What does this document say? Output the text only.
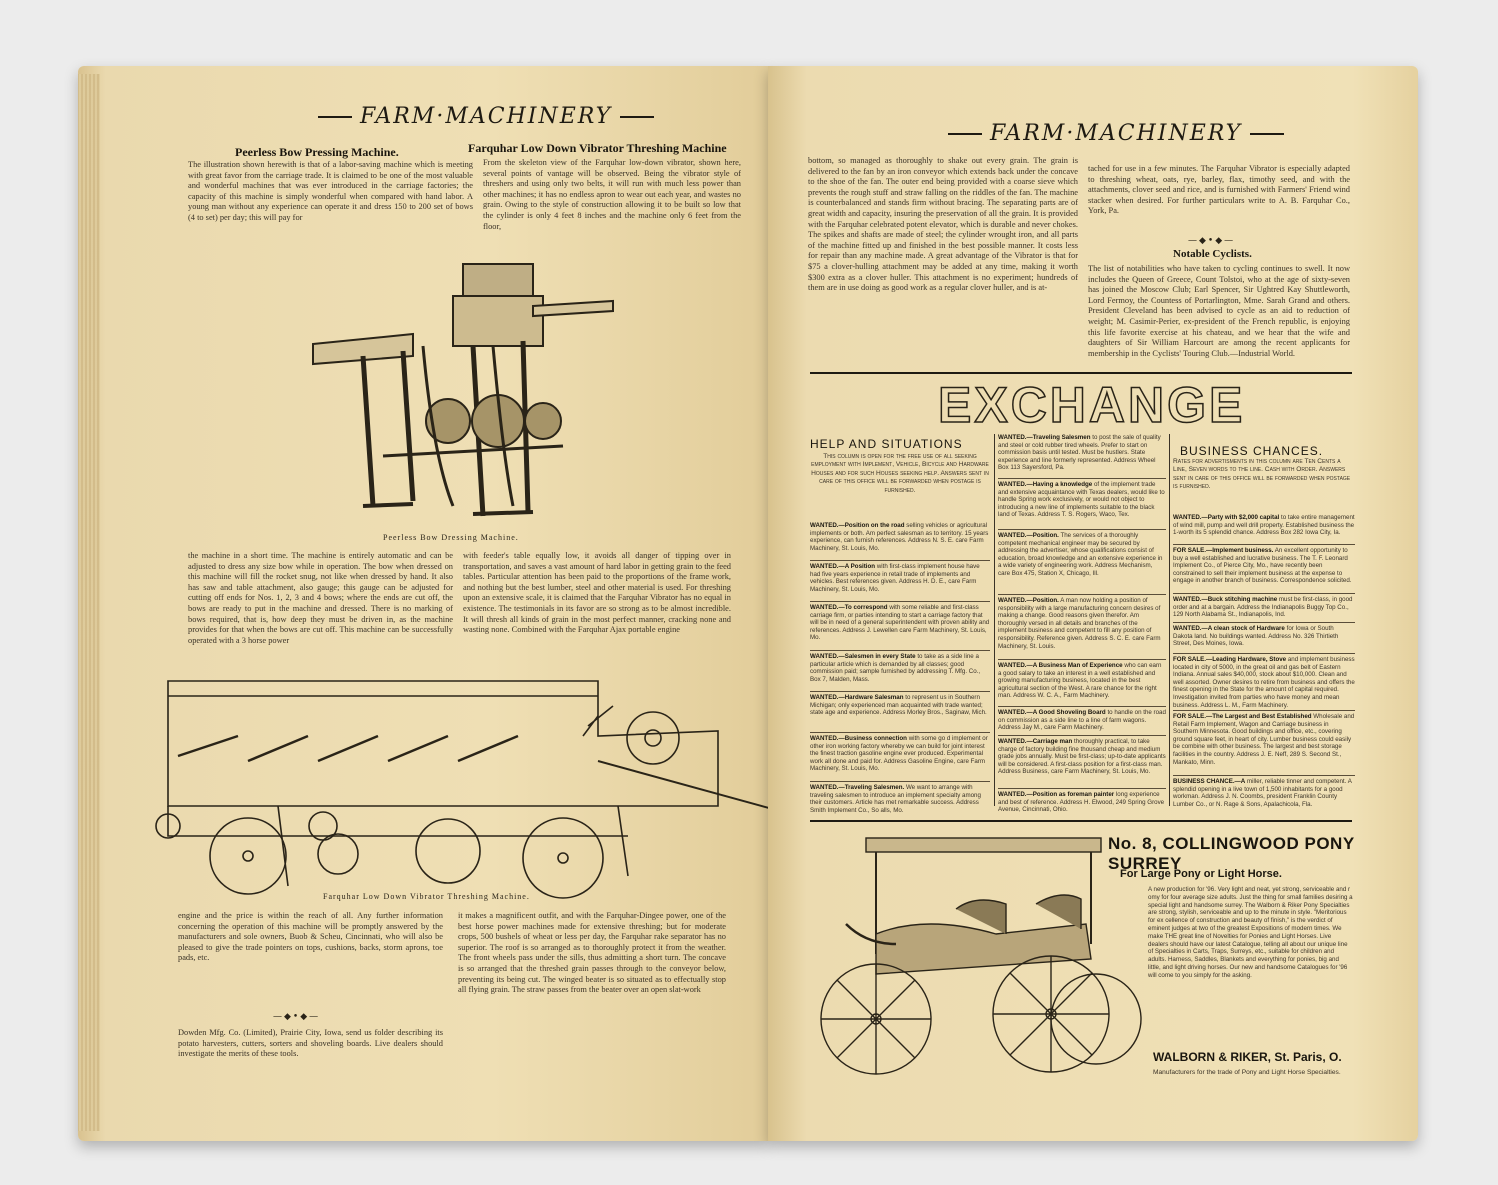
FARM·MACHINERY
Peerless Bow Pressing Machine.
The illustration shown herewith is that of a labor-saving machine which is meeting with great favor from the carriage trade. It is claimed to be one of the most valuable and wonderful machines that was ever introduced in the carriage factories; the capacity of this machine is simply wonderful when compared with hand labor. A young man without any experience can operate it and dress 150 to 200 set of bows (4 to set) per day; this will pay for
Farquhar Low Down Vibrator Threshing Machine
From the skeleton view of the Farquhar low-down vibrator, shown here, several points of vantage will be observed. Being the vibrator style of threshers and using only two belts, it will run with much less power than other machines; it has no endless apron to wear out each year, and wastes no grain. Owing to the style of construction allowing it to be built so low that the cylinder is only 4 feet 8 inches and the machine only 6 feet from the floor,
Peerless Bow Dressing Machine.
the machine in a short time. The machine is entirely automatic and can be adjusted to dress any size bow while in operation. The bow when dressed on this machine will fill the rocket snug, not like when dressed by hand. It also has saw and table attachment, also gauge; this gauge can be adjusted for cutting off ends for Nos. 1, 2, 3 and 4 bows; where the ends are cut off, the bows are ready to put in the machine and dressed. There is no marking of bows required, that is, how deep they must be driven in, as the machine provides for that when the bows are cut off. This machine can be successfully operated with a 3 horse power
with feeder's table equally low, it avoids all danger of tipping over in transportation, and saves a vast amount of hard labor in getting grain to the feed tables. Particular attention has been paid to the proportions of the frame work, and nothing but the best lumber, steel and other material is used. For threshing upon an extensive scale, it is claimed that the Farquhar Vibrator has no equal in existence. The testimonials in its favor are so strong as to be almost incredible. It will thresh all kinds of grain in the most perfect manner, cracking none and wasting none. Combined with the Farquhar Ajax portable engine
Farquhar Low Down Vibrator Threshing Machine.
engine and the price is within the reach of all. Any further information concerning the operation of this machine will be promptly answered by the manufacturers and sole owners, Buob & Scheu, Cincinnati, who will also be pleased to give the trade pointers on tops, cushions, backs, storm aprons, toe pads, etc.
—◆•◆—
Dowden Mfg. Co. (Limited), Prairie City, Iowa, send us folder describing its potato harvesters, cutters, sorters and shoveling boards. Live dealers should investigate the merits of these tools.
it makes a magnificent outfit, and with the Farquhar-Dingee power, one of the best horse power machines made for extensive threshing; but for moderate crops, 500 bushels of wheat or less per day, the Farquhar rake separator has no superior. The roof is so arranged as to thoroughly protect it from the weather. The front wheels pass under the sills, thus admitting a short turn. The concave is so arranged that the threshed grain passes through to the conveyor below, preventing its being cut. The winged beater is so situated as to effectually stop all flying grain. The straw passes from the beater over an open slat-work
FARM·MACHINERY
bottom, so managed as thoroughly to shake out every grain. The grain is delivered to the fan by an iron conveyor which extends back under the concave to the shoe of the fan. The outer end being provided with a coarse sieve which prevents the rough stuff and straw falling on the riddles of the fan. The machine is counterbalanced and stands firm without bracing. The separating parts are of great width and capacity, insuring the preservation of all the grain. It is provided with the Farquhar celebrated potent elevator, which is durable and never chokes. The spikes and shafts are made of steel; the cylinder wrought iron, and all parts of the machine fitted up and finished in the best possible manner. It costs less for repair than any machine made. A great advantage of the Vibrator is that for $75 a clover-hulling attachment may be added at any time, making it worth $300 extra as a clover huller. This attachment is no experiment; hundreds of them are in use doing as good work as a regular clover huller, and is at-
tached for use in a few minutes. The Farquhar Vibrator is especially adapted to threshing wheat, oats, rye, barley, flax, timothy seed, and with the attachments, clover seed and rice, and is furnished with Farmers' Friend wind stacker when desired. For further particulars write to A. B. Farquhar Co., York, Pa.
—◆•◆—
Notable Cyclists.
The list of notabilities who have taken to cycling continues to swell. It now includes the Queen of Greece, Count Tolstoi, who at the age of sixty-seven has joined the Moscow Club; Earl Spencer, Sir Ughtred Kay Shuttleworth, Lord Fermoy, the Countess of Portarlington, Mme. Sarah Grand and others. President Cleveland has been advised to cycle as an aid to reduction of weight; M. Casimir-Perier, ex-president of the French republic, is enjoying this life favorite exercise at his chateau, and we hear that the wife and daughters of Sir William Harcourt are among the recent applicants for membership in the Cyclists' Touring Club.—Industrial World.
EXCHANGE
HELP AND SITUATIONS
This column is open for the free use of all seeking employment with Implement, Vehicle, Bicycle and Hardware Houses and for such Houses seeking help. Answers sent in care of this office will be forwarded when postage is furnished.
BUSINESS CHANCES.
Rates for advertisments in this column are Ten Cents a Line, Seven words to the line. Cash with Order. Answers sent in care of this office will be forwarded when postage is furnished.
WANTED.—Position on the road selling vehicles or agricultural implements or both. Am perfect salesman as to territory. 15 years experience, can furnish references. Address N. S. E. care Farm Machinery, St. Louis, Mo.
WANTED.—A Position with first-class implement house have had five years experience in retail trade of implements and vehicles. Best references given. Address H. D. E., care Farm Machinery, St. Louis, Mo.
WANTED.—To correspond with some reliable and first-class carriage firm, or parties intending to start a carriage factory that will be in need of a general superintendent with proven ability and references. Address J. Lewellen care Farm Machinery, St. Louis, Mo.
WANTED.—Salesmen in every State to take as a side line a particular article which is demanded by all classes; good commission paid; sample furnished by addressing T. Mfg. Co., Box 7, Malden, Mass.
WANTED.—Hardware Salesman to represent us in Southern Michigan; only experienced man acquainted with trade wanted; state age and experience. Address Morley Bros., Saginaw, Mich.
WANTED.—Business connection with some go d implement or other iron working factory whereby we can build for joint interest the finest traction gasoline engine ever produced. Experimental work all done and paid for. Address Gasoline Engine, care Farm Machinery, St. Louis, Mo.
WANTED.—Traveling Salesmen. We want to arrange with traveling salesmen to introduce an implement specialty among their customers. Article has met remarkable success. Address Smith Implement Co., So alls, Mo.
WANTED.—Traveling Salesmen to post the sale of quality and steel or cold rubber tired wheels. Prefer to start on commission basis until tested. Must be hustlers. State experience and line formerly represented. Address Wheel Box 113 Sayersford, Pa.
WANTED.—Having a knowledge of the implement trade and extensive acquaintance with Texas dealers, would like to handle Spring work exclusively, or would not object to introducing a new line of implements suitable to the black land of Texas. Address T. S. Rogers, Waco, Tex.
WANTED.—Position. The services of a thoroughly competent mechanical engineer may be secured by addressing the advertiser, whose qualifications consist of education, broad knowledge and an extensive experience in a wide variety of engineering work. Address Mechanism, care Box 475, Station X, Chicago, Ill.
WANTED.—Position. A man now holding a position of responsibility with a large manufacturing concern desires of making a change. Good reasons given therefor. Am thoroughly versed in all details and branches of the implement business and competent to fill any position of responsibility. Reference given. Address S. C. E. care Farm Machinery, St. Louis.
WANTED.—A Business Man of Experience who can earn a good salary to take an interest in a well established and growing manufacturing business, located in the best agricultural section of the West. A rare chance for the right man. Address W. C. A., Farm Machinery.
WANTED.—A Good Shoveling Board to handle on the road on commission as a side line to a line of farm wagons. Address Jay M., care Farm Machinery.
WANTED.—Carriage man thoroughly practical, to take charge of factory building fine thousand cheap and medium grade jobs annually. Must be first-class; up-to-date applicants will be considered. A first-class position for a first-class man. Address Business, care Farm Machinery, St. Louis, Mo.
WANTED.—Position as foreman painter long experience and best of reference. Address H. Elwood, 249 Spring Grove Avenue, Cincinnati, Ohio.
WANTED.—Party with $2,000 capital to take entire management of wind mill, pump and well drill property. Established business the 1-worth its 5 splendid chance. Address Box 282 Iowa City, Ia.
FOR SALE.—Implement business. An excellent opportunity to buy a well established and lucrative business. The T. F. Leonard Implement Co., of Pierce City, Mo., have recently been constrained to sell their implement business at the expense to engage in another branch of business. Correspondence solicited.
WANTED.—Buck stitching machine must be first-class, in good order and at a bargain. Address the Indianapolis Buggy Top Co., 129 North Alabama St., Indianapolis, Ind.
WANTED.—A clean stock of Hardware for Iowa or South Dakota land. No buildings wanted. Address No. 326 Thirtieth Street, Des Moines, Iowa.
FOR SALE.—Leading Hardware, Stove and implement business located in city of 5000, in the great oil and gas belt of Eastern Indiana. Annual sales $40,000, stock about $10,000. Clean and well assorted. Owner desires to retire from business and offers the finest opening in the State for the amount of capital required. Investigation invited from parties who have money and mean business. Address L. M., Farm Machinery.
FOR SALE.—The Largest and Best Established Wholesale and Retail Farm Implement, Wagon and Carriage business in Southern Minnesota. Good buildings and office, etc., covering ground square feet, in heart of city. Lumber business could easily be combine with other business. The largest and best storage facilities in the country. Address J. E. Neff, 289 S. Second St., Mankato, Minn.
BUSINESS CHANCE.—A miller, reliable tinner and competent. A splendid opening in a live town of 1,500 inhabitants for a good workman. Address J. N. Coombs, president Franklin County Lumber Co., or N. Rage & Sons, Apalachicola, Fla.
No. 8, COLLINGWOOD PONY SURREY
For Large Pony or Light Horse.
A new production for '96. Very light and neat, yet strong, serviceable and r omy for four average size adults. Just the thing for small families desiring a special light and handsome surrey. The Walborn & Riker Pony Specialties are strong, stylish, serviceable and up to the minute in style. "Meritorious for ex cellence of construction and beauty of finish," is the verdict of eminent judges at two of the greatest Expositions of modern times. We make THE great line of Novelties for Ponies and Light Horses. Live dealers should have our latest Catalogue, telling all about our unique line of Specialties in Carts, Traps, Surreys, etc., suitable for children and adults. Harness, Saddles, Blankets and everything for ponies, big and little, and light driving horses. Our new and handsome Catalogues for '96 will come to you simply for the asking.
WALBORN & RIKER, St. Paris, O.
Manufacturers for the trade of Pony and Light Horse Specialties.
